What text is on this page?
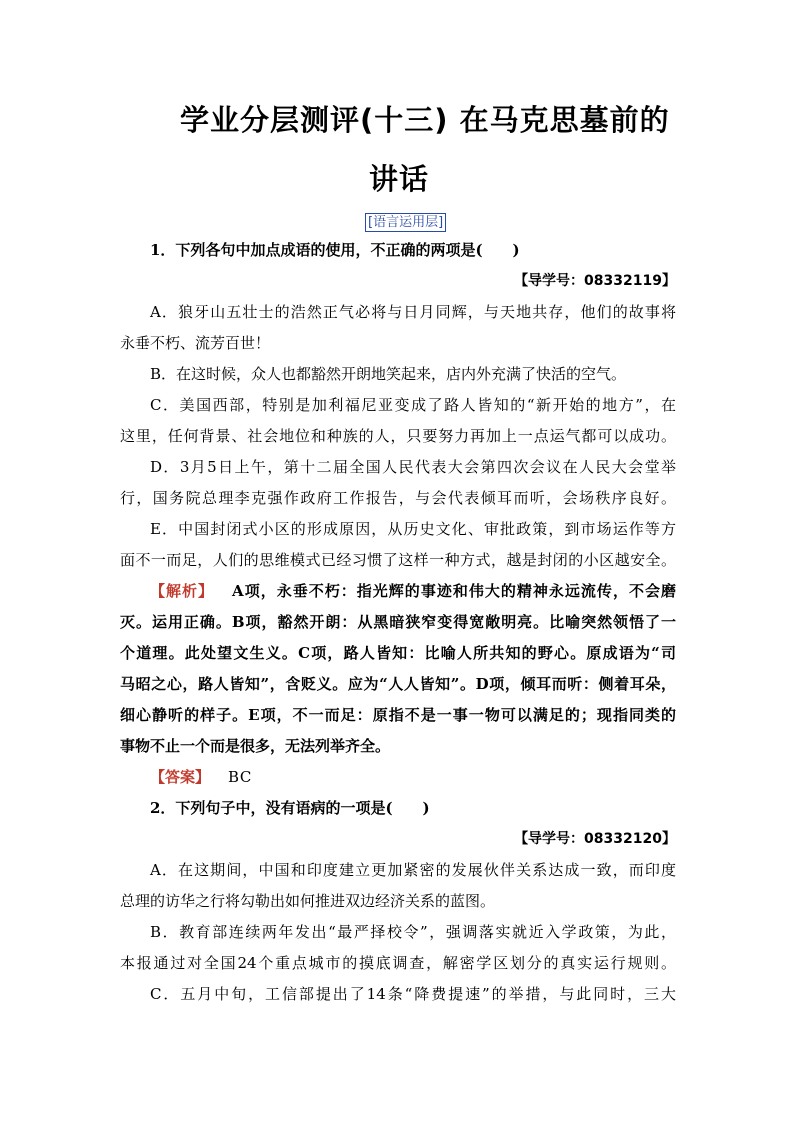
学业分层测评(十三) 在马克思墓前的
讲话
[语言运用层]
1．下列各句中加点成语的使用，不正确的两项是(　　)
【导学号：08332119】
A．狼牙山五壮士的浩然正气必将与日月同辉，与天地共存，他们的故事将
永垂不朽、流芳百世！
B．在这时候，众人也都豁然开朗地笑起来，店内外充满了快活的空气。
C．美国西部，特别是加利福尼亚变成了路人皆知的“新开始的地方”，在
这里，任何背景、社会地位和种族的人，只要努力再加上一点运气都可以成功。
D．3月5日上午，第十二届全国人民代表大会第四次会议在人民大会堂举
行，国务院总理李克强作政府工作报告，与会代表倾耳而听，会场秩序良好。
E．中国封闭式小区的形成原因，从历史文化、审批政策，到市场运作等方
面不一而足，人们的思维模式已经习惯了这样一种方式，越是封闭的小区越安全。
【解析】 A项，永垂不朽：指光辉的事迹和伟大的精神永远流传，不会磨
灭。运用正确。B项，豁然开朗：从黑暗狭窄变得宽敞明亮。比喻突然领悟了一
个道理。此处望文生义。C项，路人皆知：比喻人所共知的野心。原成语为“司
马昭之心，路人皆知”，含贬义。应为“人人皆知”。D项，倾耳而听：侧着耳朵，
细心静听的样子。E项，不一而足：原指不是一事一物可以满足的；现指同类的
事物不止一个而是很多，无法列举齐全。
【答案】 BC
2．下列句子中，没有语病的一项是(　　)
【导学号：08332120】
A．在这期间，中国和印度建立更加紧密的发展伙伴关系达成一致，而印度
总理的访华之行将勾勒出如何推进双边经济关系的蓝图。
B．教育部连续两年发出“最严择校令”，强调落实就近入学政策，为此，
本报通过对全国24个重点城市的摸底调查，解密学区划分的真实运行规则。
C．五月中旬，工信部提出了14条“降费提速”的举措，与此同时，三大
